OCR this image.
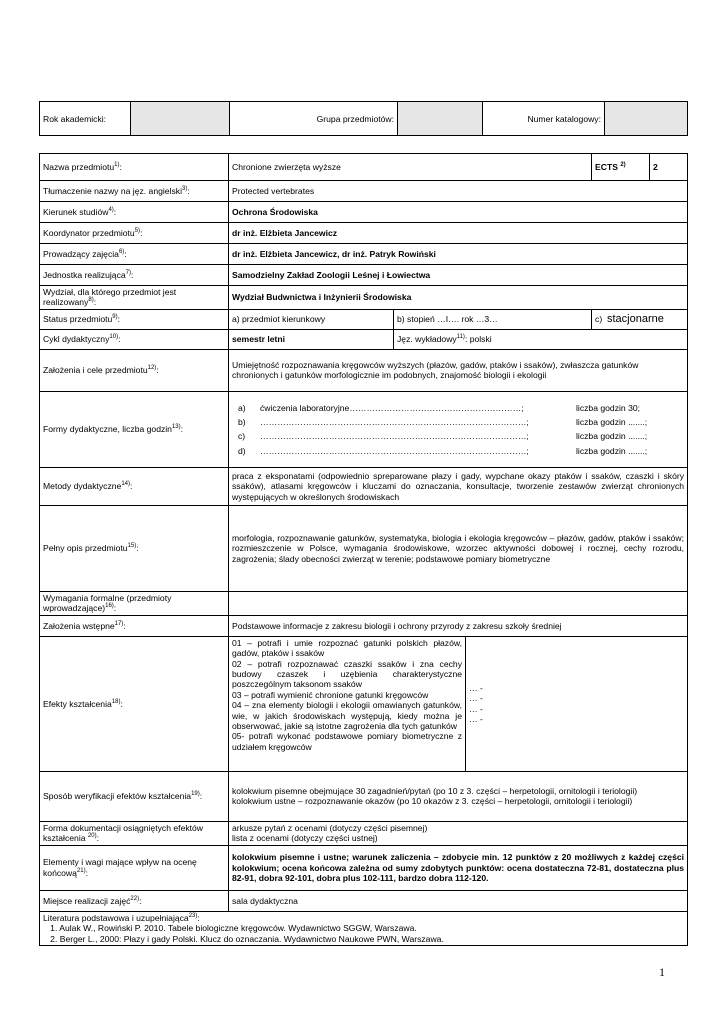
Rok akademicki:		Grupa przedmiotów:		Numer katalogowy:	
Nazwa przedmiotu$^{1)}$:	Chronione zwierzęta wyższe	ECTS $^{2)}$	2
Tłumaczenie nazwy na jęz. angielski$^{3)}$:	Protected vertebrates
Kierunek studiów$^{4)}$:	Ochrona Środowiska
Koordynator przedmiotu$^{5)}$:	dr inż. Elżbieta Jancewicz
Prowadzący zajęcia$^{6)}$:	dr inż. Elżbieta Jancewicz, dr inż. Patryk Rowiński
Jednostka realizująca$^{7)}$:	Samodzielny Zakład Zoologii Leśnej i Łowiectwa
Wydział, dla którego przedmiot jest realizowany$^{8)}$:	Wydział Budwnictwa i Inżynierii Środowiska
Status przedmiotu$^{9)}$:	a) przedmiot kierunkowy	b) stopień …I…. rok …3…	c) stacjonarne
Cykl dydaktyczny$^{10)}$:	semestr letni	Jęz. wykładowy$^{11)}$: polski
Założenia i cele przedmiotu$^{12)}$:	Umiejętność rozpoznawania kręgowców wyższych (płazów, gadów, ptaków i ssaków), zwłaszcza gatunków chronionych i gatunków morfologicznie im podobnych, znajomość biologii i ekologii
Formy dydaktyczne, liczba godzin$^{13)}$:	
a)	ćwiczenia laboratoryjne……………………………………………………;	liczba godzin 30;
b)	…………………………………………………………………………………;	liczba godzin .......;
c)	…………………………………………………………………………………;	liczba godzin .......;
d)	…………………………………………………………………………………;	liczba godzin .......;

Metody dydaktyczne$^{14)}$:	praca z eksponatami (odpowiednio spreparowane płazy i gady, wypchane okazy ptaków i ssaków, czaszki i skóry ssaków), atlasami kręgowców i kluczami do oznaczania, konsultacje, tworzenie zestawów zwierząt chronionych występujących w określonych środowiskach
Pełny opis przedmiotu$^{15)}$:	morfologia, rozpoznawanie gatunków, systematyka, biologia i ekologia kręgowców – płazów, gadów, ptaków i ssaków; rozmieszczenie w Polsce, wymagania środowiskowe, wzorzec aktywności dobowej i rocznej, cechy rozrodu, zagrożenia; ślady obecności zwierząt w terenie; podstawowe pomiary biometryczne
Wymagania formalne (przedmioty wprowadzające)$^{16)}$:	
Założenia wstępne$^{17)}$:	Podstawowe informacje z zakresu biologii i ochrony przyrody z zakresu szkoły średniej
Efekty kształcenia$^{18)}$:	01 – potrafi i umie rozpoznać gatunki polskich płazów, gadów, ptaków i ssaków
02 – potrafi rozpoznawać czaszki ssaków i zna cechy budowy czaszek i uzębienia charakterystyczne poszczególnym taksonom ssaków
03 – potrafi wymienić chronione gatunki kręgowców
04 – zna elementy biologii i ekologii omawianych gatunków, wie, w jakich środowiskach występują, kiedy można je obserwować, jakie są istotne zagrożenia dla tych gatunków
05- potrafi wykonać podstawowe pomiary biometryczne z udziałem kręgowców	… -
… -
… -
… -
Sposób weryfikacji efektów kształcenia$^{19)}$:	kolokwium pisemne obejmujące 30 zagadnień/pytań (po 10 z 3. części – herpetologii, ornitologii i teriologii)
kolokwium ustne – rozpoznawanie okazów (po 10 okazów z 3. części – herpetologii, ornitologii i teriologii)
Forma dokumentacji osiągniętych efektów kształcenia $^{20)}$:	arkusze pytań z ocenami (dotyczy części pisemnej)
lista z ocenami (dotyczy części ustnej)
Elementy i wagi mające wpływ na ocenę końcową$^{21)}$:	kolokwium pisemne i ustne; warunek zaliczenia – zdobycie min. 12 punktów z 20 możliwych z każdej części kolokwium; ocena końcowa zależna od sumy zdobytych punktów: ocena dostateczna 72-81, dostateczna plus 82-91, dobra 92-101, dobra plus 102-111, bardzo dobra 112-120.
Miejsce realizacji zajęć$^{22)}$:	sala dydaktyczna
Literatura podstawowa i uzupełniająca$^{23)}$:
1. Aulak W., Rowiński P. 2010. Tabele biologiczne kręgowców. Wydawnictwo SGGW, Warszawa.
2. Berger L., 2000: Płazy i gady Polski. Klucz do oznaczania. Wydawnictwo Naukowe PWN, Warszawa.
1
